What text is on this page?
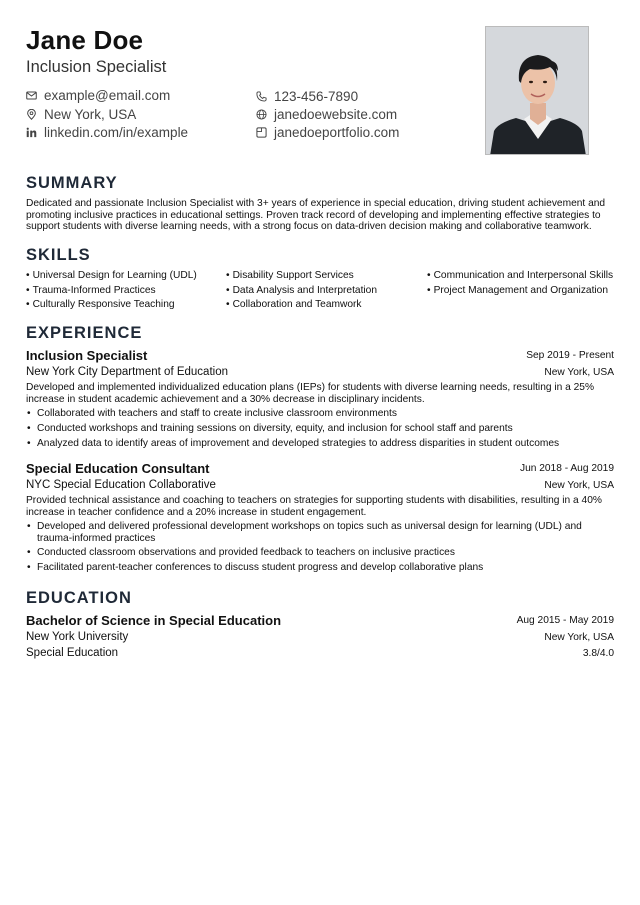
Jane Doe
Inclusion Specialist
example@email.com	123-456-7890
New York, USA	janedoewebsite.com
linkedin.com/in/example	janedoeportfolio.com
SUMMARY
Dedicated and passionate Inclusion Specialist with 3+ years of experience in special education, driving student achievement and promoting inclusive practices in educational settings. Proven track record of developing and implementing effective strategies to support students with diverse learning needs, with a strong focus on data-driven decision making and collaborative teamwork.
SKILLS
• Universal Design for Learning (UDL)	• Disability Support Services	• Communication and Interpersonal Skills
• Trauma-Informed Practices	• Data Analysis and Interpretation	• Project Management and Organization
• Culturally Responsive Teaching	• Collaboration and Teamwork
EXPERIENCE
Inclusion Specialist	Sep 2019 - Present
New York City Department of Education	New York, USA
Developed and implemented individualized education plans (IEPs) for students with diverse learning needs, resulting in a 25% increase in student academic achievement and a 30% decrease in disciplinary incidents.
• Collaborated with teachers and staff to create inclusive classroom environments
• Conducted workshops and training sessions on diversity, equity, and inclusion for school staff and parents
• Analyzed data to identify areas of improvement and developed strategies to address disparities in student outcomes
Special Education Consultant	Jun 2018 - Aug 2019
NYC Special Education Collaborative	New York, USA
Provided technical assistance and coaching to teachers on strategies for supporting students with disabilities, resulting in a 40% increase in teacher confidence and a 20% increase in student engagement.
• Developed and delivered professional development workshops on topics such as universal design for learning (UDL) and trauma-informed practices
• Conducted classroom observations and provided feedback to teachers on inclusive practices
• Facilitated parent-teacher conferences to discuss student progress and develop collaborative plans
EDUCATION
Bachelor of Science in Special Education	Aug 2015 - May 2019
New York University	New York, USA
Special Education	3.8/4.0
